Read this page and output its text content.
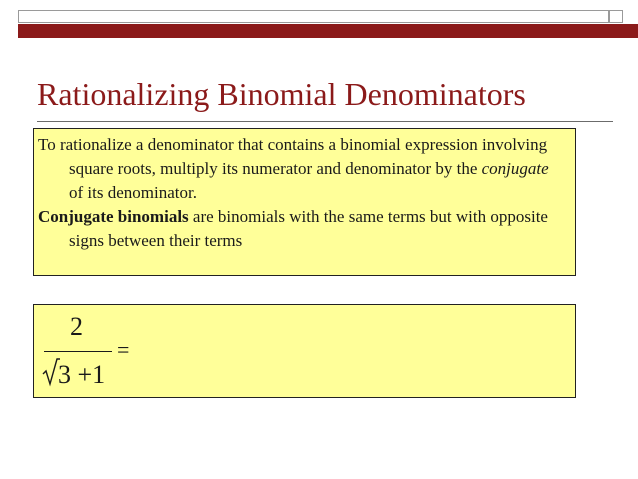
Rationalizing Binomial Denominators

To rationalize a denominator that contains a binomial expression involving square roots, multiply its numerator and denominator by the conjugate of its denominator.

Conjugate binomials are binomials with the same terms but with opposite signs between their terms

2
3 +1
=
